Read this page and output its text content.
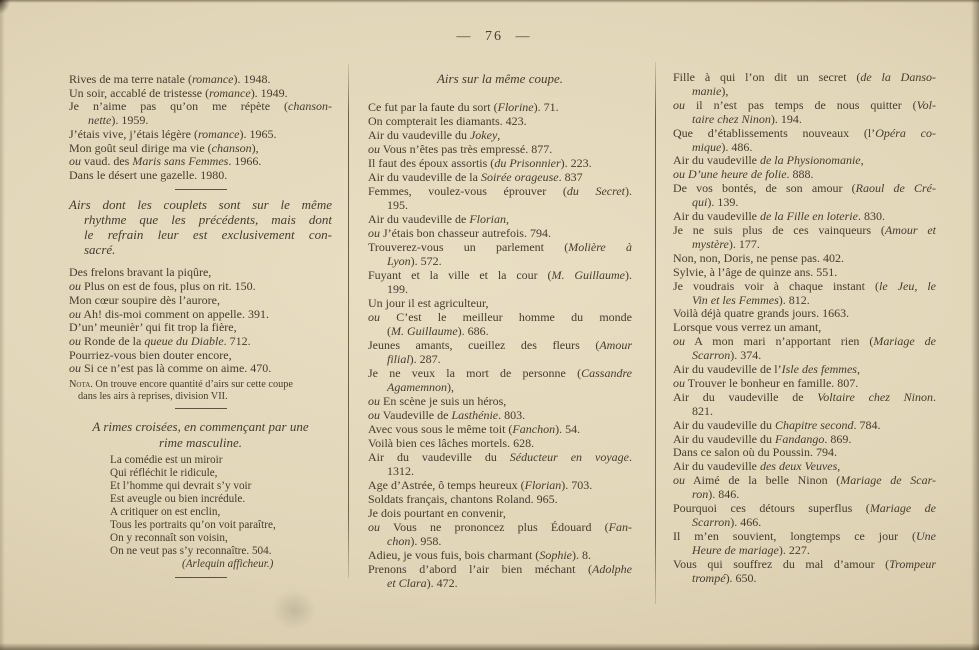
— 76 —
Rives de ma terre natale (romance). 1948.
Un soir, accablé de tristesse (romance). 1949.
Je n’aime pas qu’on me répète (chanson-
nette). 1959.
J’étais vive, j’étais légère (romance). 1965.
Mon goût seul dirige ma vie (chanson),
ou vaud. des Maris sans Femmes. 1966.
Dans le désert une gazelle. 1980.
Airs dont les couplets sont sur le même
rhythme que les précédents, mais dont
le refrain leur est exclusivement con-
sacré.
Des frelons bravant la piqûre,
ou Plus on est de fous, plus on rit. 150.
Mon cœur soupire dès l’aurore,
ou Ah! dis-moi comment on appelle. 391.
D’un’ meunièr’ qui fit trop la fière,
ou Ronde de la queue du Diable. 712.
Pourriez-vous bien douter encore,
ou Si ce n’est pas là comme on aime. 470.
Nota. On trouve encore quantité d’airs sur cette coupe
dans les airs à reprises, division VII.
A rimes croisées, en commençant par une
rime masculine.
La comédie est un miroir
Qui réfléchit le ridicule,
Et l’homme qui devrait s’y voir
Est aveugle ou bien incrédule.
A critiquer on est enclin,
Tous les portraits qu’on voit paraître,
On y reconnaît son voisin,
On ne veut pas s’y reconnaître. 504.
(Arlequin afficheur.)
Airs sur la même coupe.
Ce fut par la faute du sort (Florine). 71.
On compterait les diamants. 423.
Air du vaudeville du Jokey,
ou Vous n’êtes pas très empressé. 877.
Il faut des époux assortis (du Prisonnier). 223.
Air du vaudeville de la Soirée orageuse. 837
Femmes, voulez-vous éprouver (du Secret).
195.
Air du vaudeville de Florian,
ou J’étais bon chasseur autrefois. 794.
Trouverez-vous un parlement (Molière à
Lyon). 572.
Fuyant et la ville et la cour (M. Guillaume).
199.
Un jour il est agriculteur,
ou C’est le meilleur homme du monde
(M. Guillaume). 686.
Jeunes amants, cueillez des fleurs (Amour
filial). 287.
Je ne veux la mort de personne (Cassandre
Agamemnon),
ou En scène je suis un héros,
ou Vaudeville de Lasthénie. 803.
Avec vous sous le même toit (Fanchon). 54.
Voilà bien ces lâches mortels. 628.
Air du vaudeville du Séducteur en voyage.
1312.
Age d’Astrée, ô temps heureux (Florian). 703.
Soldats français, chantons Roland. 965.
Je dois pourtant en convenir,
ou Vous ne prononcez plus Édouard (Fan-
chon). 958.
Adieu, je vous fuis, bois charmant (Sophie). 8.
Prenons d’abord l’air bien méchant (Adolphe
et Clara). 472.
Fille à qui l’on dit un secret (de la Danso-
manie),
ou il n’est pas temps de nous quitter (Vol-
taire chez Ninon). 194.
Que d’établissements nouveaux (l’Opéra co-
mique). 486.
Air du vaudeville de la Physionomanie,
ou D’une heure de folie. 888.
De vos bontés, de son amour (Raoul de Cré-
qui). 139.
Air du vaudeville de la Fille en loterie. 830.
Je ne suis plus de ces vainqueurs (Amour et
mystère). 177.
Non, non, Doris, ne pense pas. 402.
Sylvie, à l’âge de quinze ans. 551.
Je voudrais voir à chaque instant (le Jeu, le
Vin et les Femmes). 812.
Voilà déjà quatre grands jours. 1663.
Lorsque vous verrez un amant,
ou A mon mari n’apportant rien (Mariage de
Scarron). 374.
Air du vaudeville de l’Isle des femmes,
ou Trouver le bonheur en famille. 807.
Air du vaudeville de Voltaire chez Ninon.
821.
Air du vaudeville du Chapitre second. 784.
Air du vaudeville du Fandango. 869.
Dans ce salon où du Poussin. 794.
Air du vaudeville des deux Veuves,
ou Aimé de la belle Ninon (Mariage de Scar-
ron). 846.
Pourquoi ces détours superflus (Mariage de
Scarron). 466.
Il m’en souvient, longtemps ce jour (Une
Heure de mariage). 227.
Vous qui souffrez du mal d’amour (Trompeur
trompé). 650.
